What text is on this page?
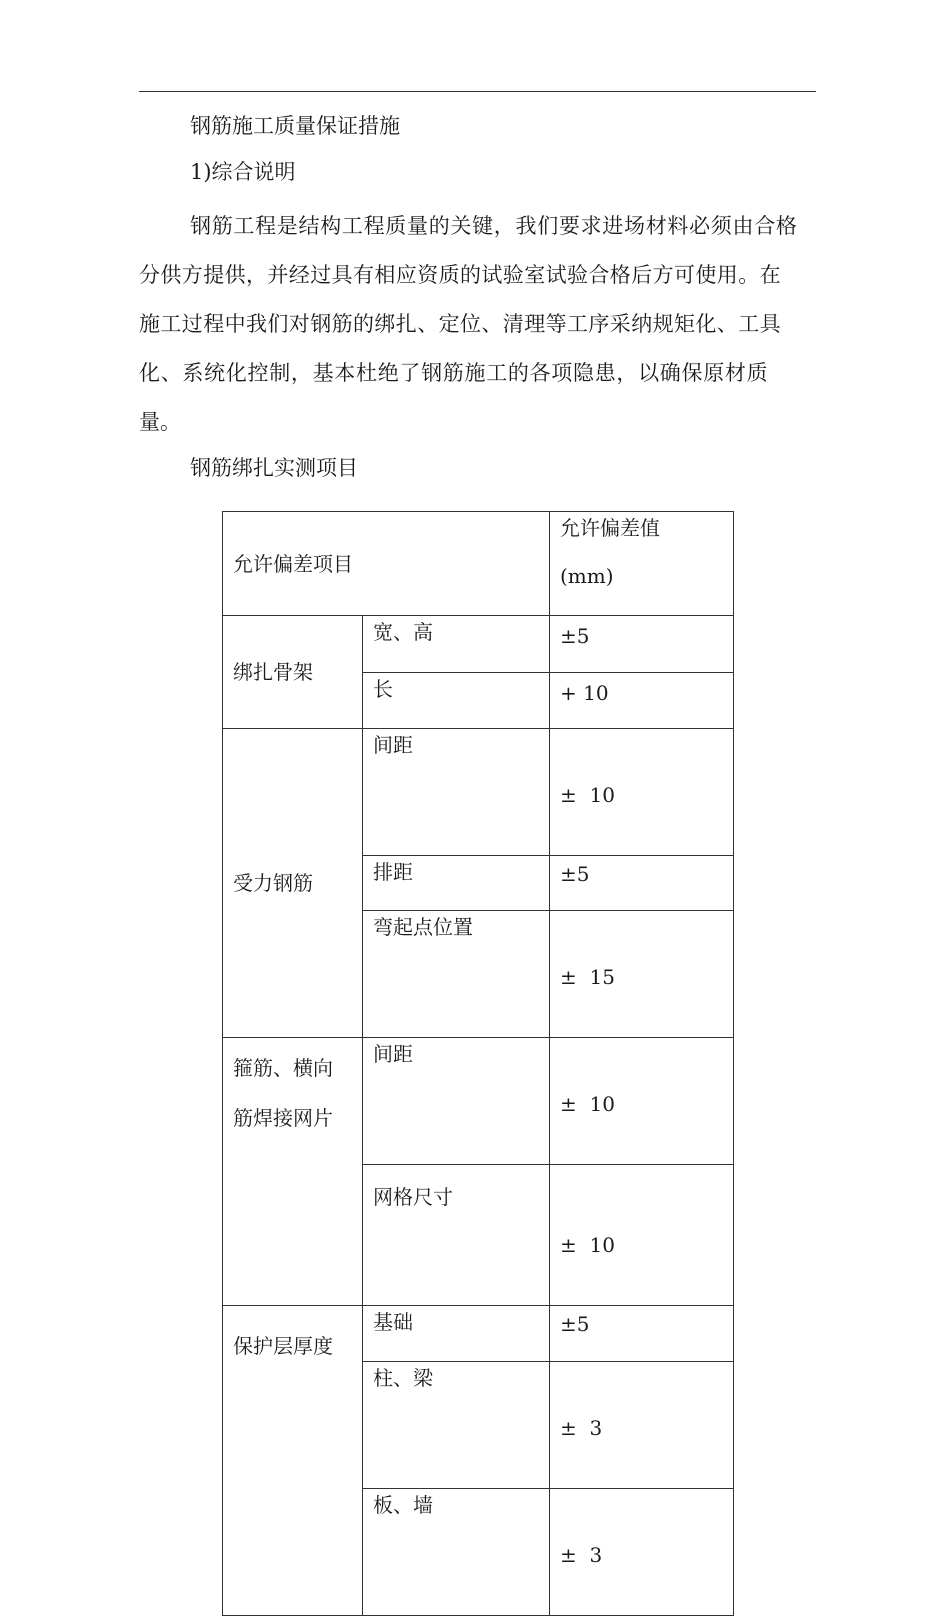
钢筋施工质量保证措施
1)综合说明
钢筋工程是结构工程质量的关键，我们要求进场材料必须由合格
分供方提供，并经过具有相应资质的试验室试验合格后方可使用。在
施工过程中我们对钢筋的绑扎、定位、清理等工序采纳规矩化、工具
化、系统化控制，基本杜绝了钢筋施工的各项隐患，以确保原材质
量。
钢筋绑扎实测项目
允许偏差项目		允许偏差值
(mm)

绑扎骨架	宽、高	±5

	长	+ 10

受力钢筋	间距	±  10

	排距	±5

	弯起点位置	±  15

箍筋、横向
筋焊接网片	间距	±  10

	网格尺寸	±  10

保护层厚度	基础	±5

	柱、梁	±  3

	板、墙	±  3
